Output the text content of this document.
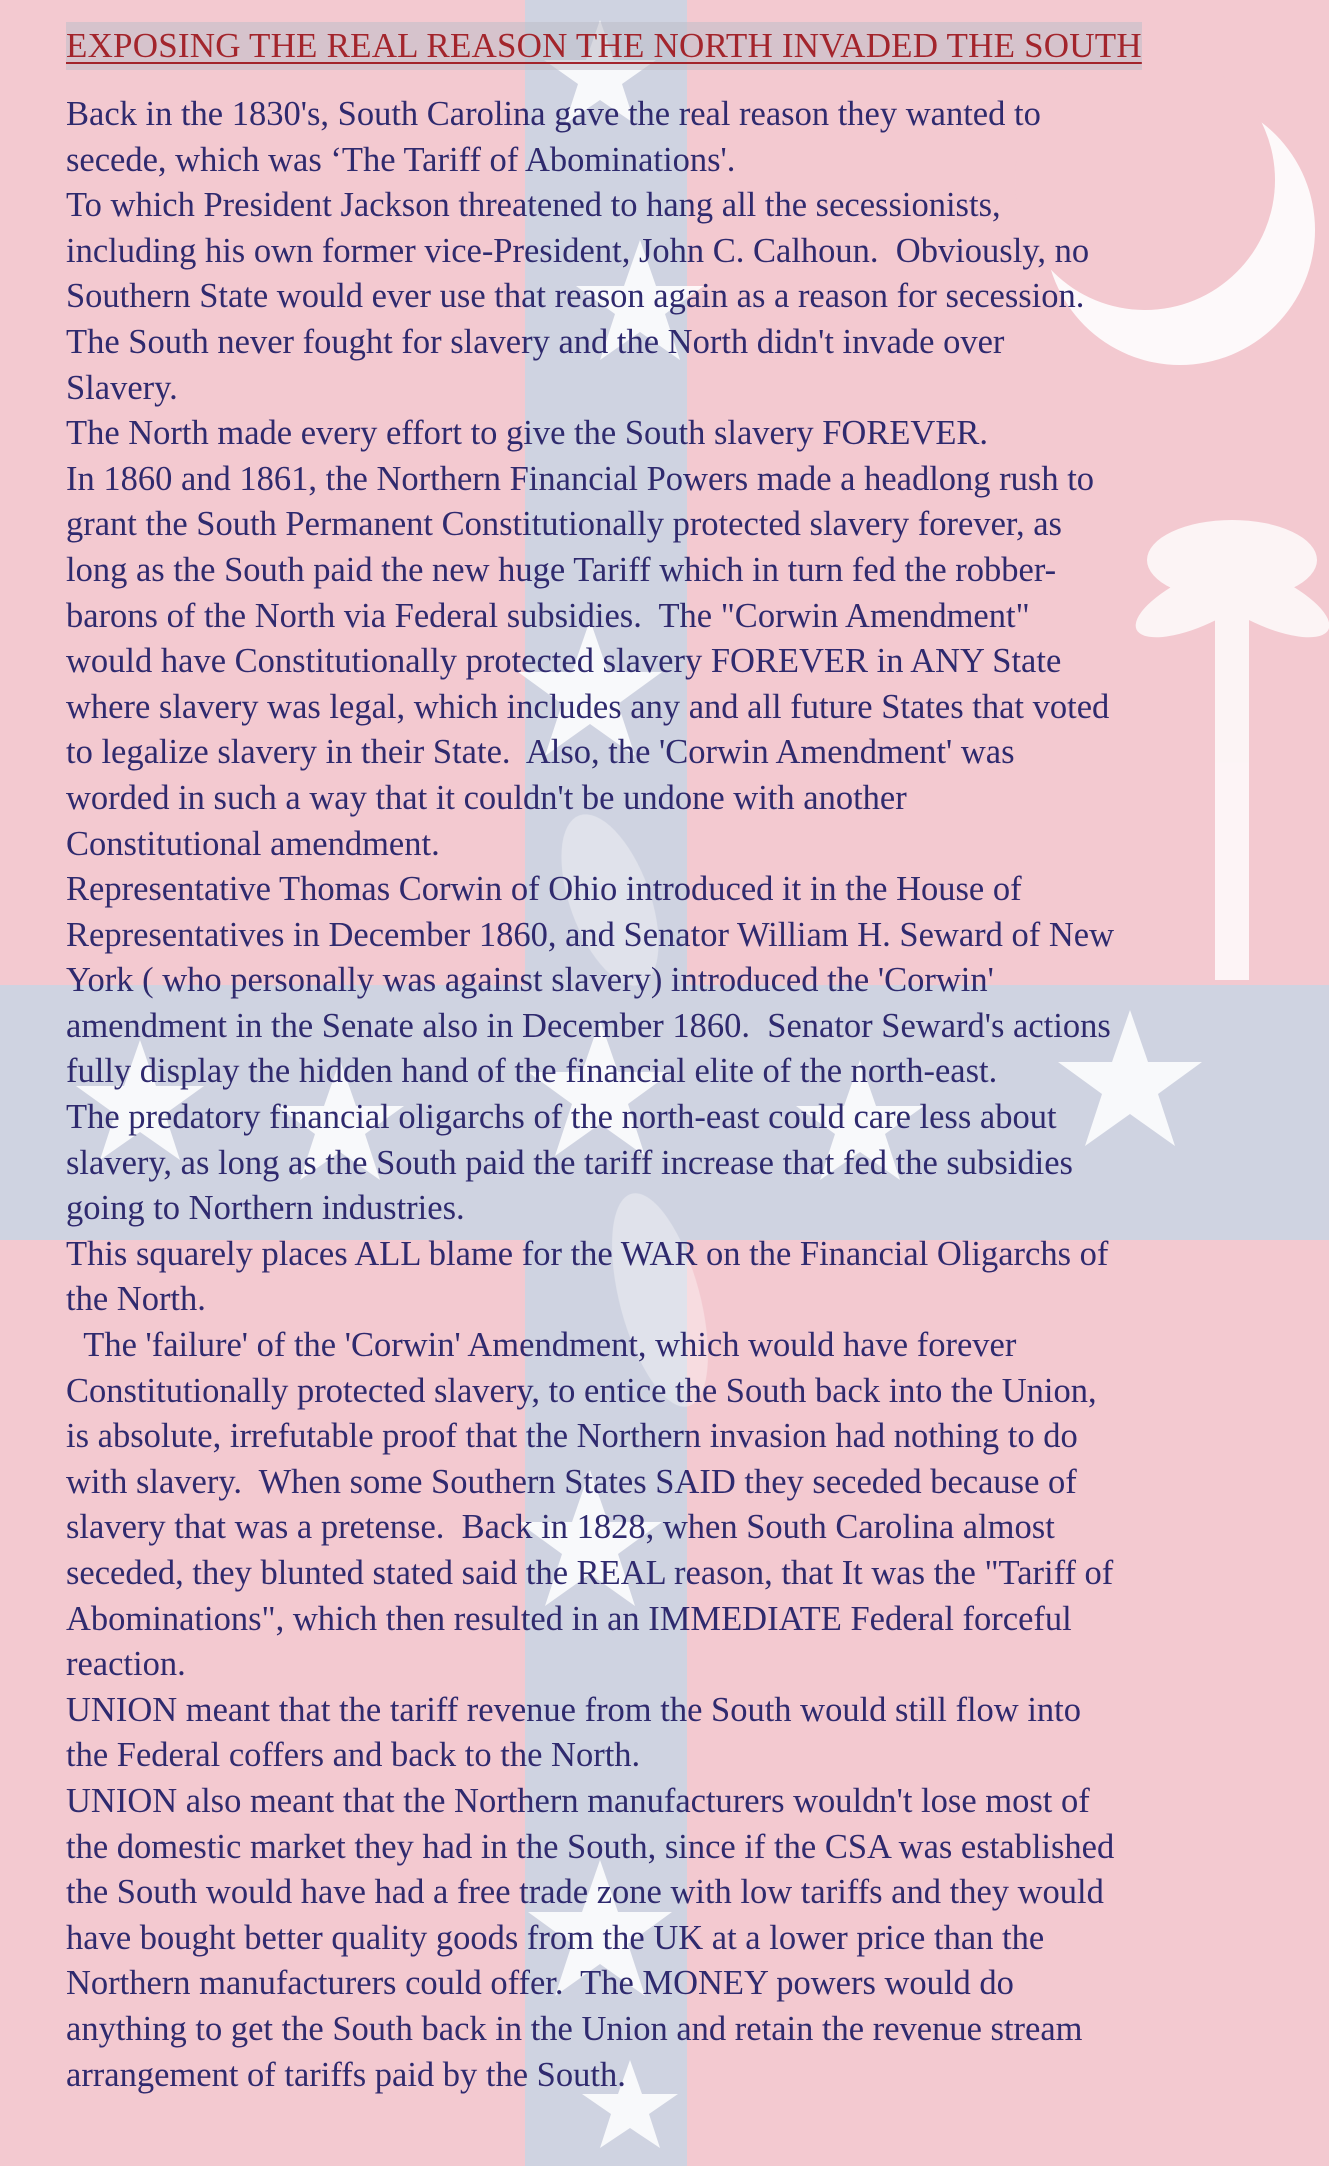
EXPOSING THE REAL REASON THE NORTH INVADED THE SOUTH

Back in the 1830's, South Carolina gave the real reason they wanted to
secede, which was ‘The Tariff of Abominations'.

To which President Jackson threatened to hang all the secessionists,
including his own former vice-President, John C. Calhoun.  Obviously, no
Southern State would ever use that reason again as a reason for secession.

The South never fought for slavery and the North didn't invade over
Slavery.

The North made every effort to give the South slavery FOREVER.

In 1860 and 1861, the Northern Financial Powers made a headlong rush to
grant the South Permanent Constitutionally protected slavery forever, as
long as the South paid the new huge Tariff which in turn fed the robber-
barons of the North via Federal subsidies.  The "Corwin Amendment"
would have Constitutionally protected slavery FOREVER in ANY State
where slavery was legal, which includes any and all future States that voted
to legalize slavery in their State.  Also, the 'Corwin Amendment' was
worded in such a way that it couldn't be undone with another
Constitutional amendment.

Representative Thomas Corwin of Ohio introduced it in the House of
Representatives in December 1860, and Senator William H. Seward of New
York ( who personally was against slavery) introduced the 'Corwin'
amendment in the Senate also in December 1860.  Senator Seward's actions
fully display the hidden hand of the financial elite of the north-east.

The predatory financial oligarchs of the north-east could care less about
slavery, as long as the South paid the tariff increase that fed the subsidies
going to Northern industries.

This squarely places ALL blame for the WAR on the Financial Oligarchs of
the North.

The 'failure' of the 'Corwin' Amendment, which would have forever
Constitutionally protected slavery, to entice the South back into the Union,
is absolute, irrefutable proof that the Northern invasion had nothing to do
with slavery.  When some Southern States SAID they seceded because of
slavery that was a pretense.  Back in 1828, when South Carolina almost
seceded, they blunted stated said the REAL reason, that It was the "Tariff of
Abominations", which then resulted in an IMMEDIATE Federal forceful
reaction.

UNION meant that the tariff revenue from the South would still flow into
the Federal coffers and back to the North.

UNION also meant that the Northern manufacturers wouldn't lose most of
the domestic market they had in the South, since if the CSA was established
the South would have had a free trade zone with low tariffs and they would
have bought better quality goods from the UK at a lower price than the
Northern manufacturers could offer.  The MONEY powers would do
anything to get the South back in the Union and retain the revenue stream
arrangement of tariffs paid by the South.
